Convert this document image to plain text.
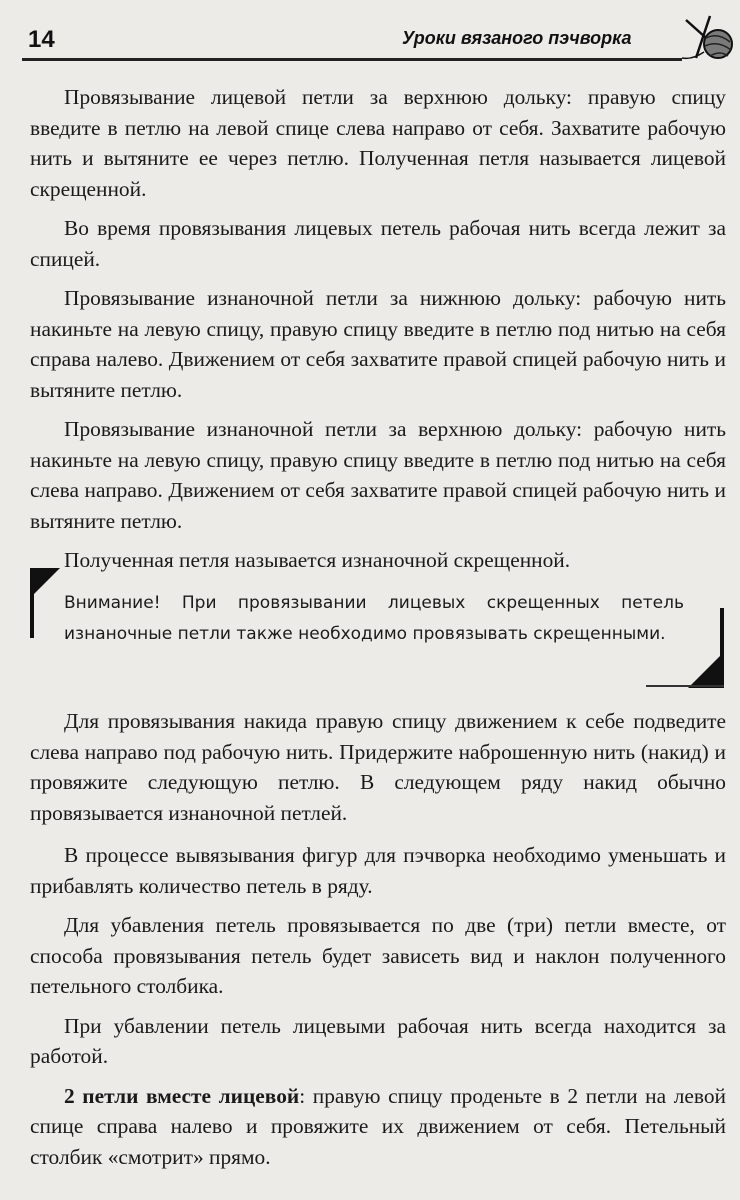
14	Уроки вязаного пэчворка

Провязывание лицевой петли за верхнюю дольку: правую спицу введите в петлю на левой спице слева направо от себя. Захватите рабочую нить и вытяните ее через петлю. Полученная петля называется лицевой скрещенной.

Во время провязывания лицевых петель рабочая нить всегда лежит за спицей.

Провязывание изнаночной петли за нижнюю дольку: рабочую нить накиньте на левую спицу, правую спицу введите в петлю под нитью на себя справа налево. Движением от себя захватите правой спицей рабочую нить и вытяните петлю.

Провязывание изнаночной петли за верхнюю дольку: рабочую нить накиньте на левую спицу, правую спицу введите в петлю под нитью на себя слева направо. Движением от себя захватите правой спицей рабочую нить и вытяните петлю.

Полученная петля называется изнаночной скрещенной.

Внимание! При провязывании лицевых скрещенных петель изнаночные петли также необходимо провязывать скрещенными.

Для провязывания накида правую спицу движением к себе подведите слева направо под рабочую нить. Придержите наброшенную нить (накид) и провяжите следующую петлю. В следующем ряду накид обычно провязывается изнаночной петлей.

В процессе вывязывания фигур для пэчворка необходимо уменьшать и прибавлять количество петель в ряду.

Для убавления петель провязывается по две (три) петли вместе, от способа провязывания петель будет зависеть вид и наклон полученного петельного столбика.

При убавлении петель лицевыми рабочая нить всегда находится за работой.

2 петли вместе лицевой: правую спицу проденьте в 2 петли на левой спице справа налево и провяжите их движением от себя. Петельный столбик «смотрит» прямо.
